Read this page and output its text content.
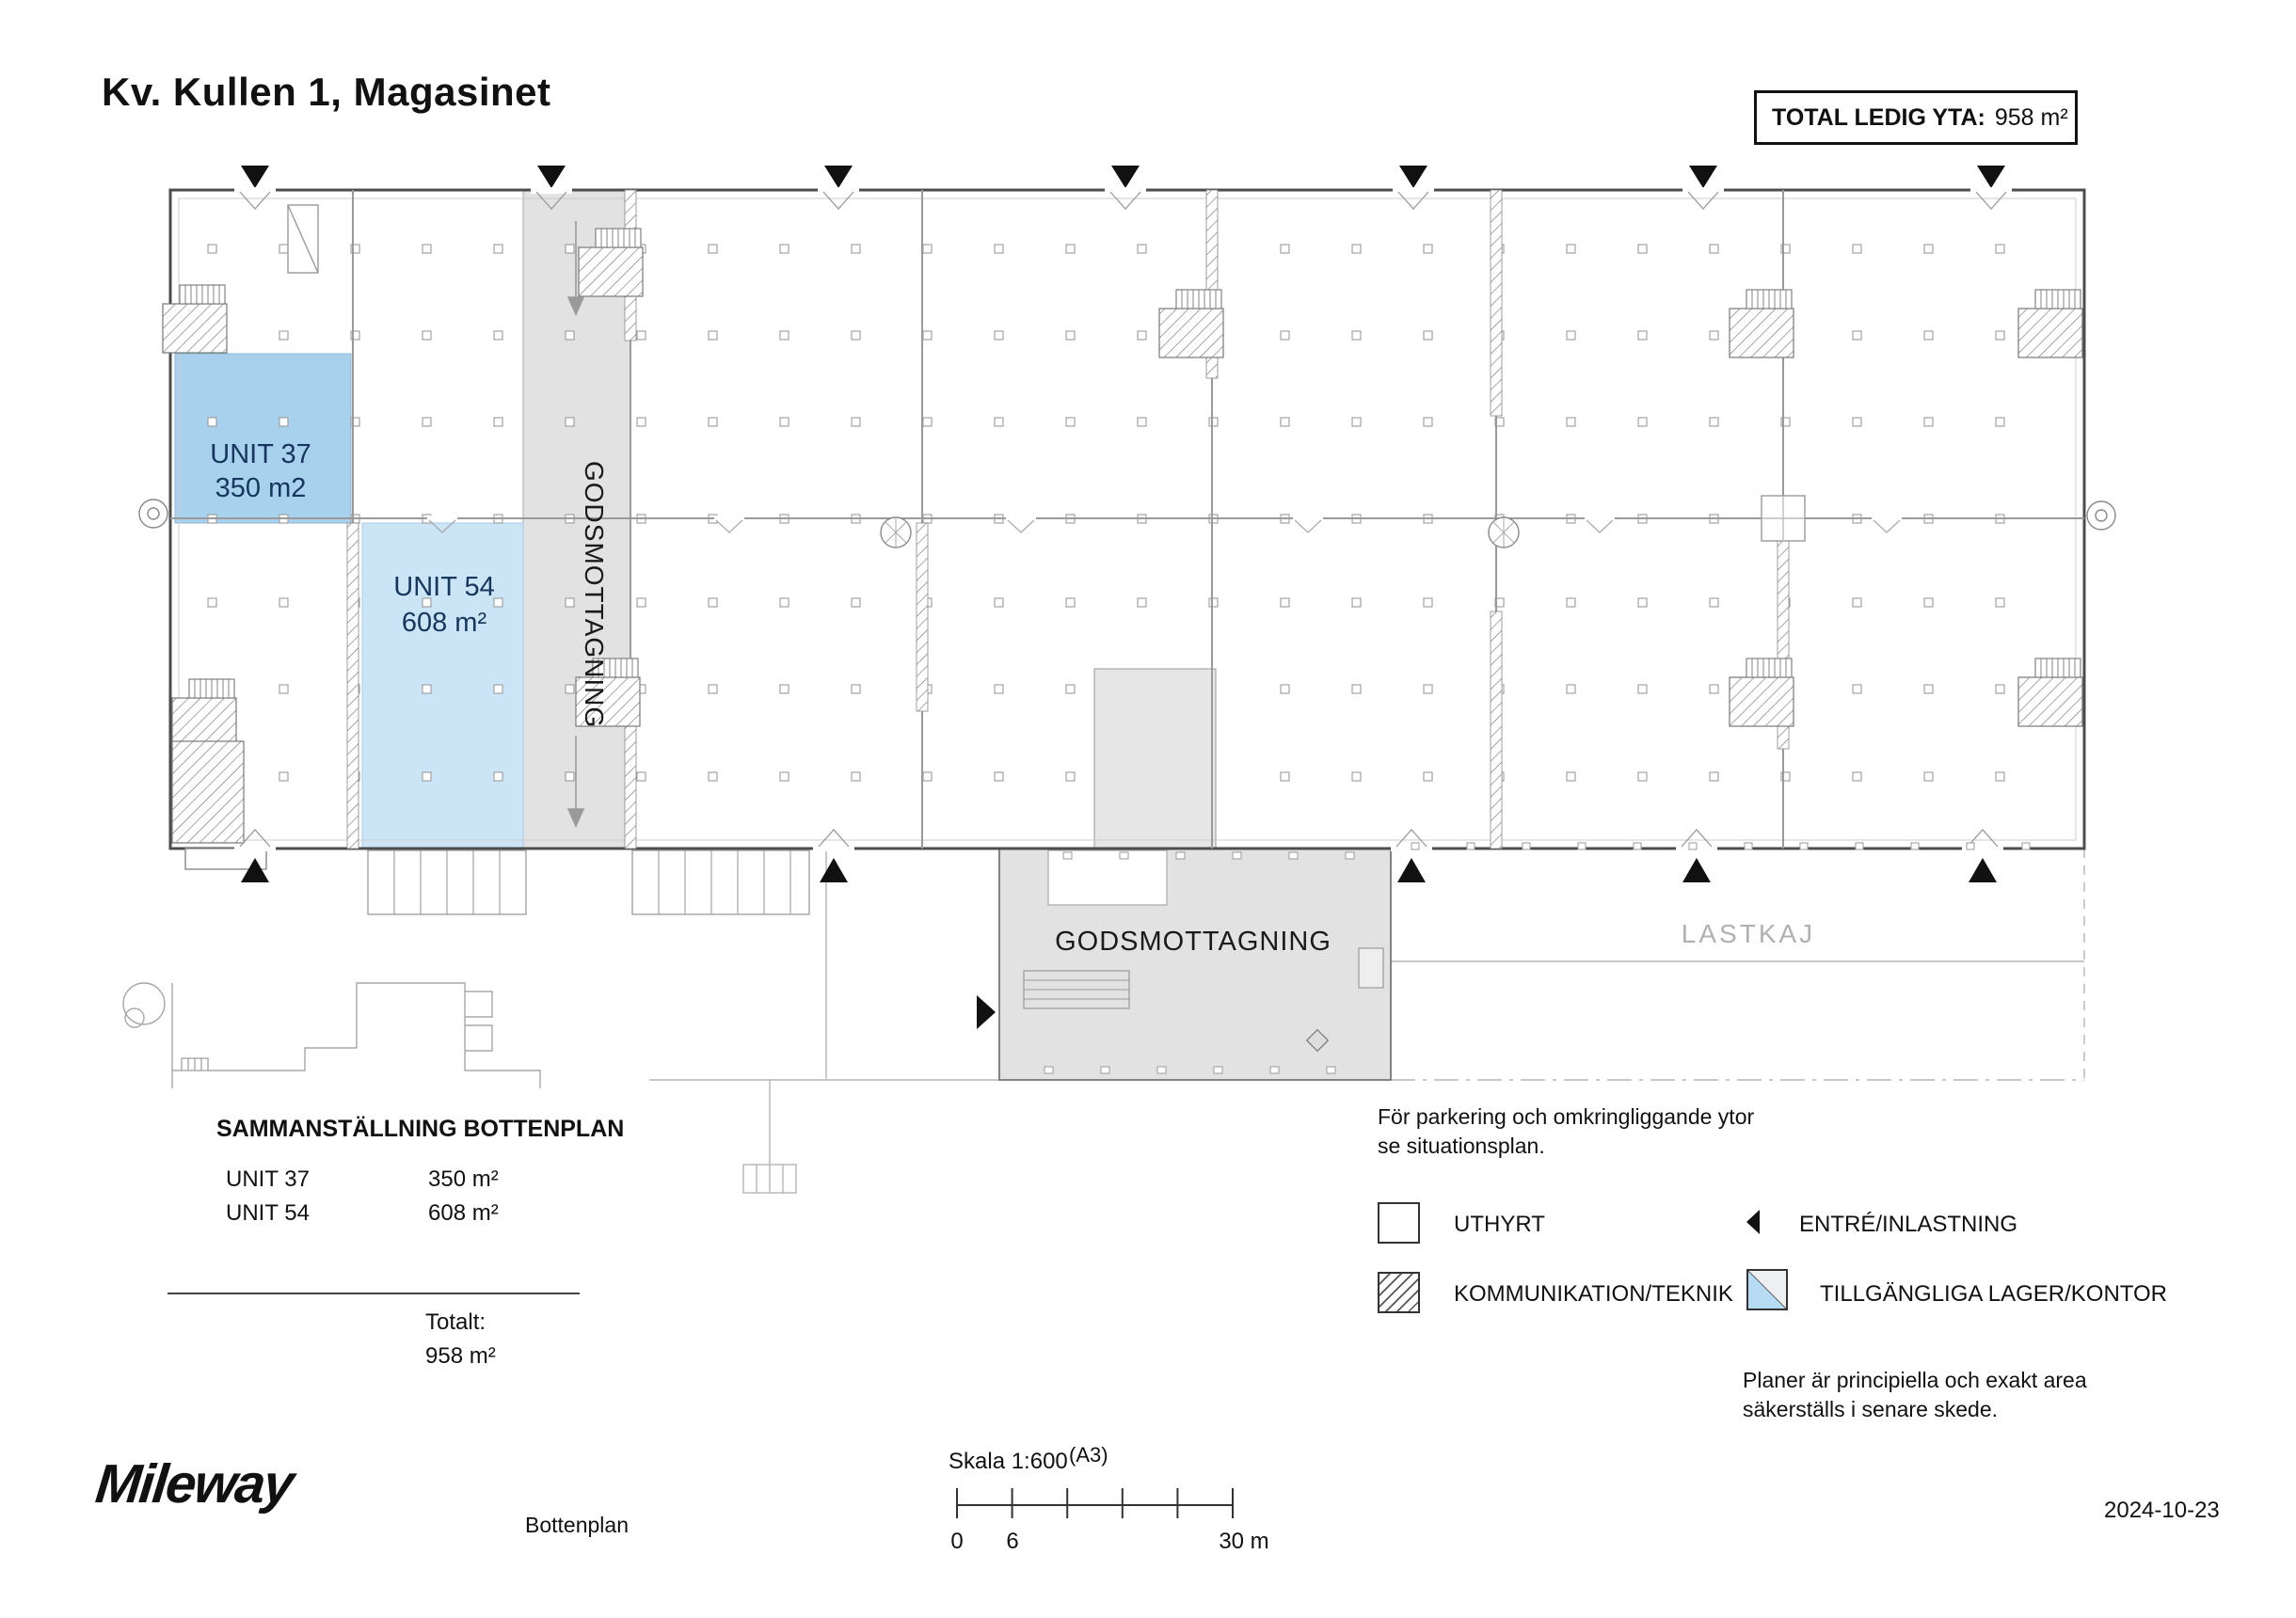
UNIT 37
350 m2
UNIT 54
608 m²	GODSMOTTAGNING
GODSMOTTAGNING	LASTKAJ
0 6	30 m
Kv. Kullen 1, Magasinet
TOTAL LEDIG YTA: 958 m²
SAMMANSTÄLLNING BOTTENPLAN
UNIT 37	350 m²
UNIT 54	608 m²
Totalt:
958 m²
För parkering och omkringliggande ytor se situationsplan.
Planer är principiella och exakt area säkerställs i senare skede.
UTHYRT
KOMMUNIKATION/TEKNIK
ENTRÉ/INLASTNING
TILLGÄNGLIGA LAGER/KONTOR
Mileway
Bottenplan
Skala 1:600 (A3)
2024-10-23
